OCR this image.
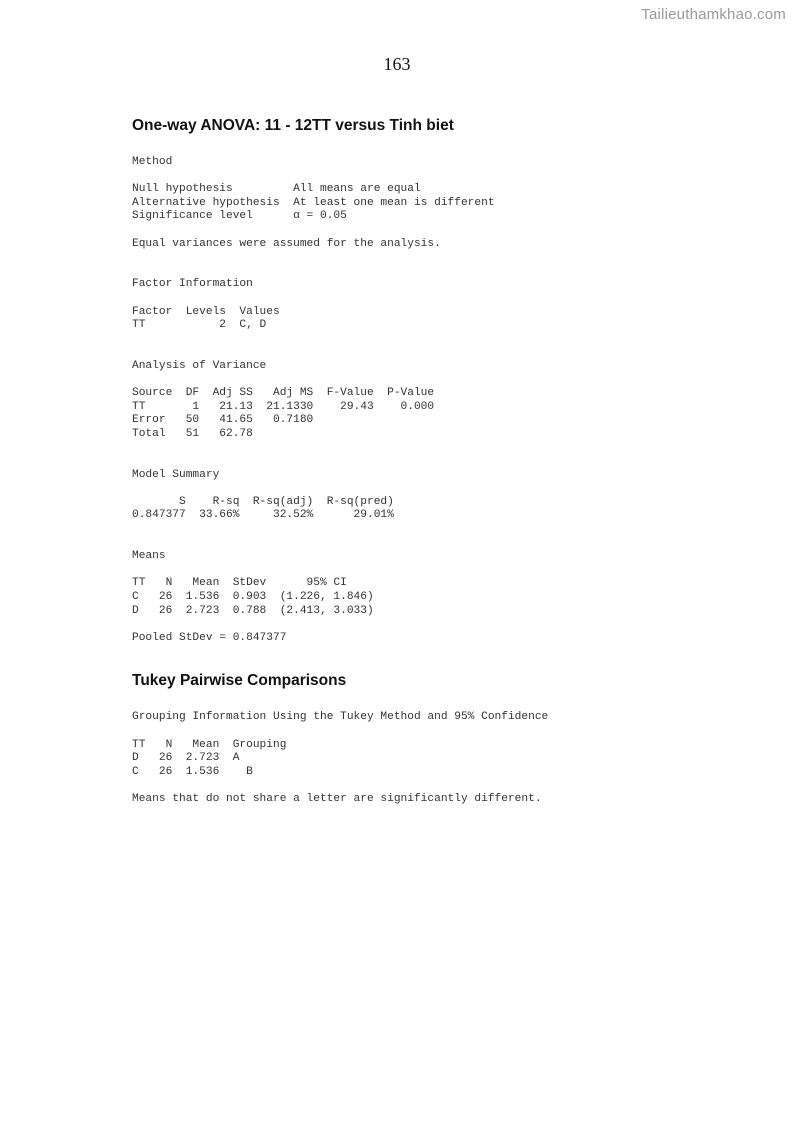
Tailieuthamkhao.com
163
One-way ANOVA: 11 - 12TT versus Tinh biet
Method
Null hypothesis         All means are equal
Alternative hypothesis  At least one mean is different
Significance level      α = 0.05
Equal variances were assumed for the analysis.
Factor Information
Factor  Levels  Values
TT           2  C, D
Analysis of Variance
Source  DF  Adj SS   Adj MS  F-Value  P-Value
TT       1   21.13  21.1330    29.43    0.000
Error   50   41.65   0.7180
Total   51   62.78
Model Summary
S    R-sq  R-sq(adj)  R-sq(pred)
0.847377  33.66%     32.52%      29.01%
Means
TT   N   Mean  StDev      95% CI
C   26  1.536  0.903  (1.226, 1.846)
D   26  2.723  0.788  (2.413, 3.033)
Pooled StDev = 0.847377
Tukey Pairwise Comparisons
Grouping Information Using the Tukey Method and 95% Confidence
TT   N   Mean  Grouping
D   26  2.723  A
C   26  1.536    B
Means that do not share a letter are significantly different.
